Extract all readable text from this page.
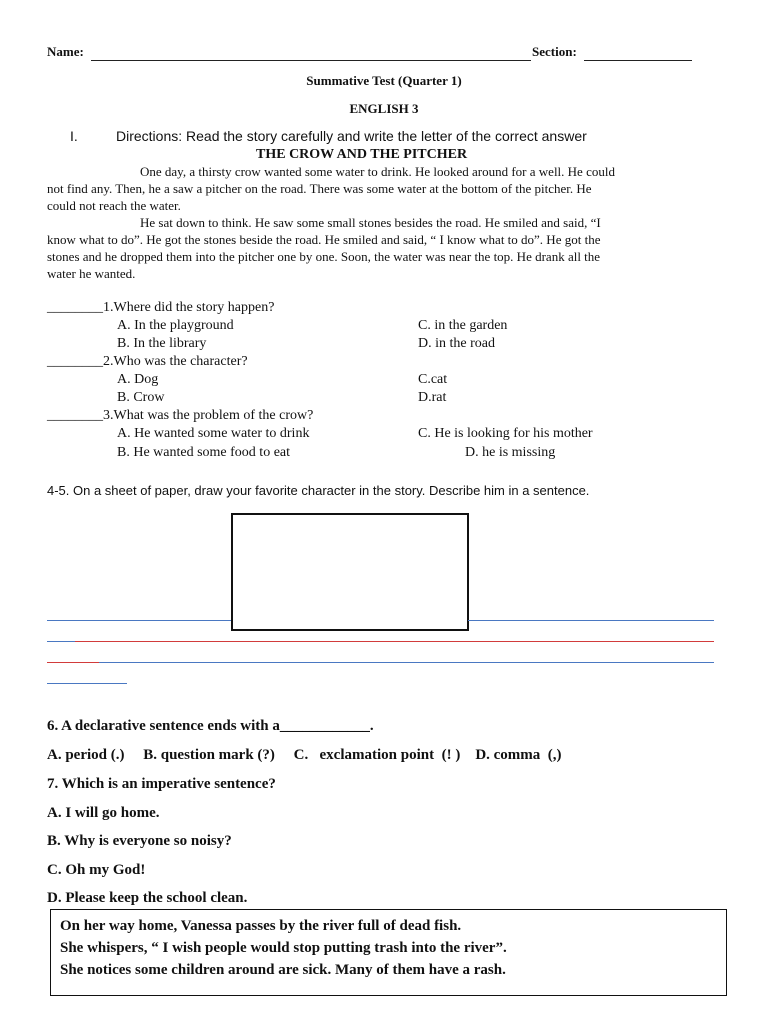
Name:	Section:
Summative Test (Quarter 1)
ENGLISH 3
I.	Directions: Read the story carefully and write the letter of the correct answer
THE CROW AND THE PITCHER
One day, a thirsty crow wanted some water to drink. He looked around for a well. He could
not find any. Then, he a saw a pitcher on the road. There was some water at the bottom of the pitcher. He
could not reach the water.
He sat down to think. He saw some small stones besides the road. He smiled and said, “I
know what to do”. He got the stones beside the road. He smiled and said, “ I know what to do”. He got the
stones and he dropped them into the pitcher one by one. Soon, the water was near the top. He drank all the
water he wanted.
________1.Where did the story happen?
A. In the playground	C. in the garden
B. In the library	D. in the road
________2.Who was the character?
A. Dog	C.cat
B. Crow	D.rat
________3.What was the problem of the crow?
A. He wanted some water to drink	C. He is looking for his mother
B. He wanted some food to eat	D. he is missing
4-5. On a sheet of paper, draw your favorite character in the story. Describe him in a sentence.
6. A declarative sentence ends with a____________.
A. period (.)     B. question mark (?)     C.   exclamation point  (! )    D. comma  (,)
7. Which is an imperative sentence?
A. I will go home.
B. Why is everyone so noisy?
C. Oh my God!
D. Please keep the school clean.
On her way home, Vanessa passes by the river full of dead fish.
She whispers, “ I wish people would stop putting trash into the river”.
She notices some children around are sick. Many of them have a rash.
